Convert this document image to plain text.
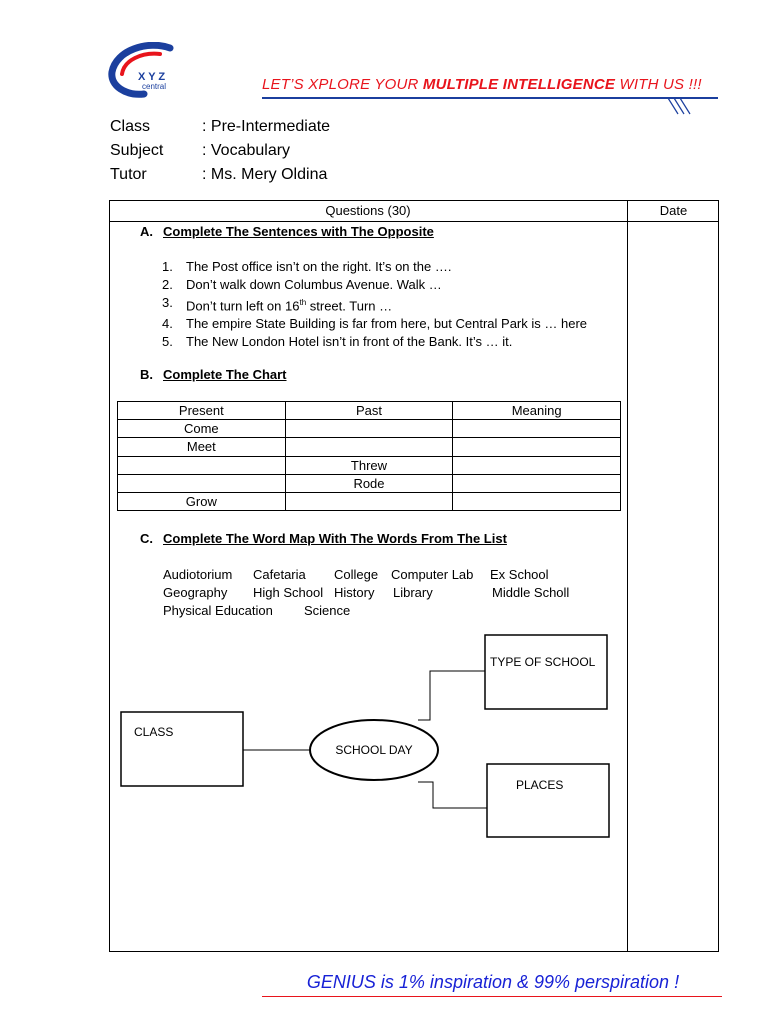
X Y Z
central	LET’S XPLORE YOUR MULTIPLE INTELLIGENCE WITH US !!!
Class	: Pre-Intermediate
Subject	: Vocabulary
Tutor	: Ms. Mery Oldina
Questions (30)	Date
A. Complete The Sentences with The Opposite
1.	The Post office isn’t on the right. It’s on the ….
2.	Don’t walk down Columbus Avenue. Walk …
3.	Don’t turn left on 16th street. Turn …
4.	The empire State Building is far from here, but Central Park is … here
5.	The New London Hotel isn’t in front of the Bank. It’s … it.
B. Complete The Chart
Present	Past	Meaning
Come		
Meet		
	Threw	
	Rode	
Grow		
C. Complete The Word Map With The Words From The List
Audiotorium Cafetaria College Computer Lab Ex School
Geography High School History Library	Middle Scholl
Physical Education Science
CLASS
TYPE OF SCHOOL
PLACES
SCHOOL DAY
GENIUS is 1% inspiration & 99% perspiration !
